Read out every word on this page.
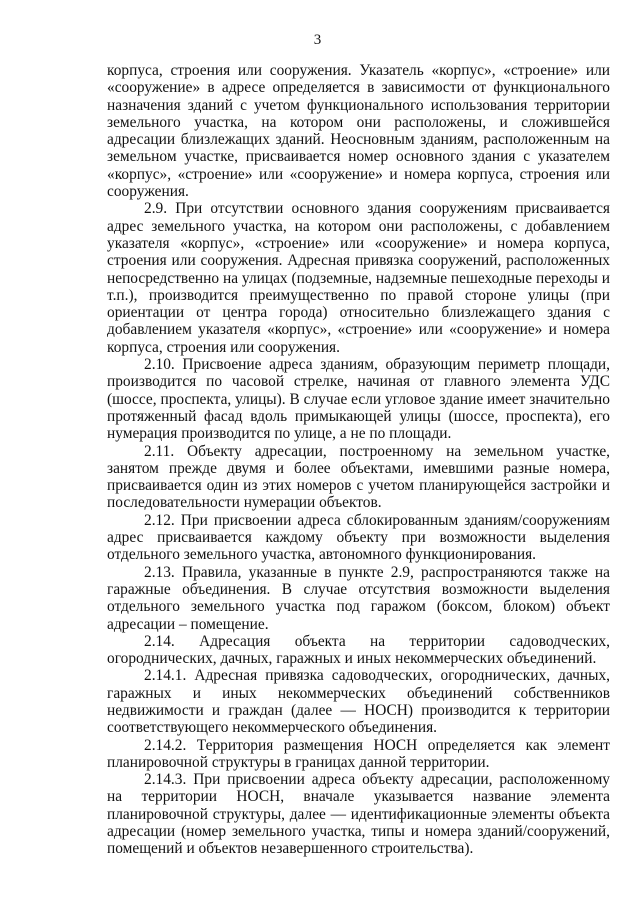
3

корпуса, строения или сооружения. Указатель «корпус», «строение» или «сооружение» в адресе определяется в зависимости от функционального назначения зданий с учетом функционального использования территории земельного участка, на котором они расположены, и сложившейся адресации близлежащих зданий. Неосновным зданиям, расположенным на земельном участке, присваивается номер основного здания с указателем «корпус», «строение» или «сооружение» и номера корпуса, строения или сооружения.

2.9. При отсутствии основного здания сооружениям присваивается адрес земельного участка, на котором они расположены, с добавлением указателя «корпус», «строение» или «сооружение» и номера корпуса, строения или сооружения. Адресная привязка сооружений, расположенных непосредственно на улицах (подземные, надземные пешеходные переходы и т.п.), производится преимущественно по правой стороне улицы (при ориентации от центра города) относительно близлежащего здания с добавлением указателя «корпус», «строение» или «сооружение» и номера корпуса, строения или сооружения.

2.10. Присвоение адреса зданиям, образующим периметр площади, производится по часовой стрелке, начиная от главного элемента УДС (шоссе, проспекта, улицы). В случае если угловое здание имеет значительно протяженный фасад вдоль примыкающей улицы (шоссе, проспекта), его нумерация производится по улице, а не по площади.

2.11. Объекту адресации, построенному на земельном участке, занятом прежде двумя и более объектами, имевшими разные номера, присваивается один из этих номеров с учетом планирующейся застройки и последовательности нумерации объектов.

2.12. При присвоении адреса сблокированным зданиям/сооружениям адрес присваивается каждому объекту при возможности выделения отдельного земельного участка, автономного функционирования.

2.13. Правила, указанные в пункте 2.9, распространяются также на гаражные объединения. В случае отсутствия возможности выделения отдельного земельного участка под гаражом (боксом, блоком) объект адресации – помещение.

2.14. Адресация объекта на территории садоводческих, огороднических, дачных, гаражных и иных некоммерческих объединений.

2.14.1. Адресная привязка садоводческих, огороднических, дачных, гаражных и иных некоммерческих объединений собственников недвижимости и граждан (далее — НОСН) производится к территории соответствующего некоммерческого объединения.

2.14.2. Территория размещения НОСН определяется как элемент планировочной структуры в границах данной территории.

2.14.3. При присвоении адреса объекту адресации, расположенному на территории НОСН, вначале указывается название элемента планировочной структуры, далее — идентификационные элементы объекта адресации (номер земельного участка, типы и номера зданий/сооружений, помещений и объектов незавершенного строительства).
